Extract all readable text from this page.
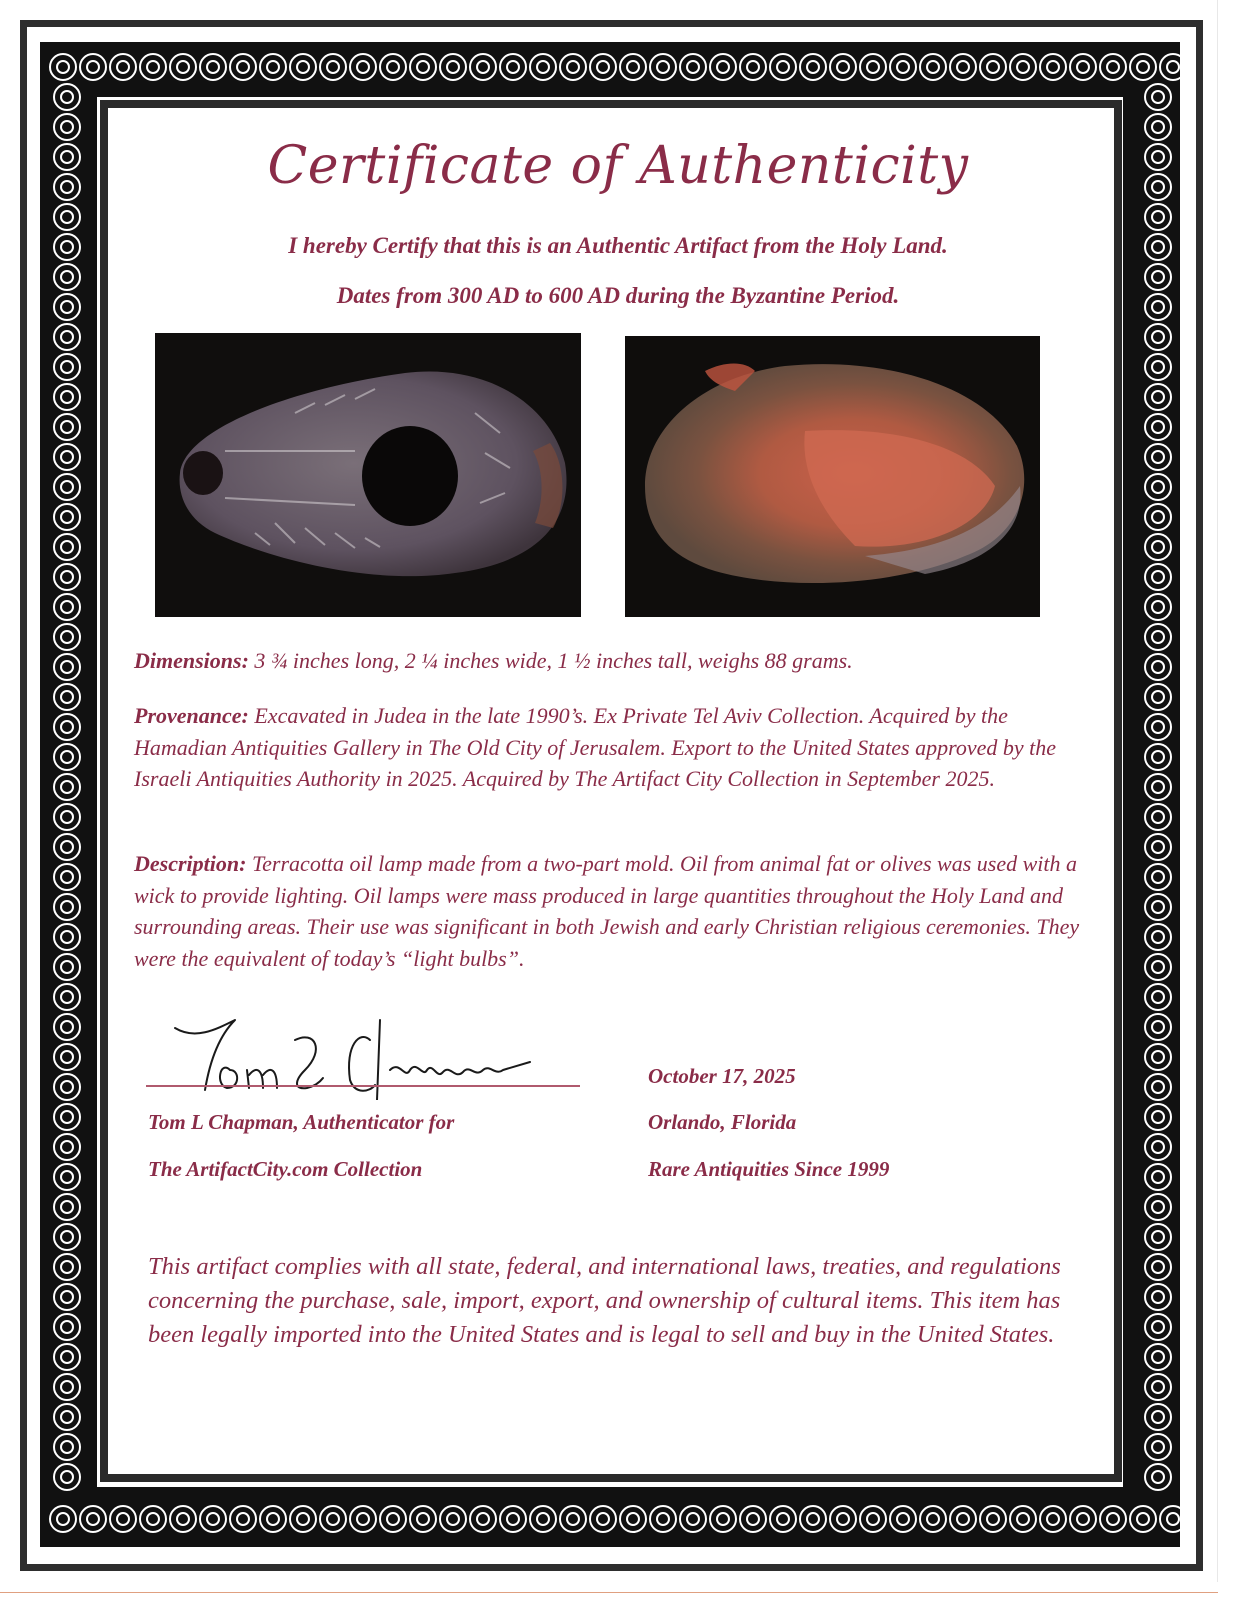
Certificate of Authenticity
I hereby Certify that this is an Authentic Artifact from the Holy Land.
Dates from 300 AD to 600 AD during the Byzantine Period.
Dimensions: 3 ¾ inches long, 2 ¼ inches wide, 1 ½ inches tall, weighs 88 grams.
Provenance: Excavated in Judea in the late 1990’s. Ex Private Tel Aviv Collection. Acquired by the Hamadian Antiquities Gallery in The Old City of Jerusalem. Export to the United States approved by the Israeli Antiquities Authority in 2025. Acquired by The Artifact City Collection in September 2025.
Description: Terracotta oil lamp made from a two-part mold. Oil from animal fat or olives was used with a wick to provide lighting. Oil lamps were mass produced in large quantities throughout the Holy Land and surrounding areas. Their use was significant in both Jewish and early Christian religious ceremonies. They were the equivalent of today’s “light bulbs”.
Tom L Chapman, Authenticator for
The ArtifactCity.com Collection
October 17, 2025
Orlando, Florida
Rare Antiquities Since 1999
This artifact complies with all state, federal, and international laws, treaties, and regulations concerning the purchase, sale, import, export, and ownership of cultural items. This item has been legally imported into the United States and is legal to sell and buy in the United States.
